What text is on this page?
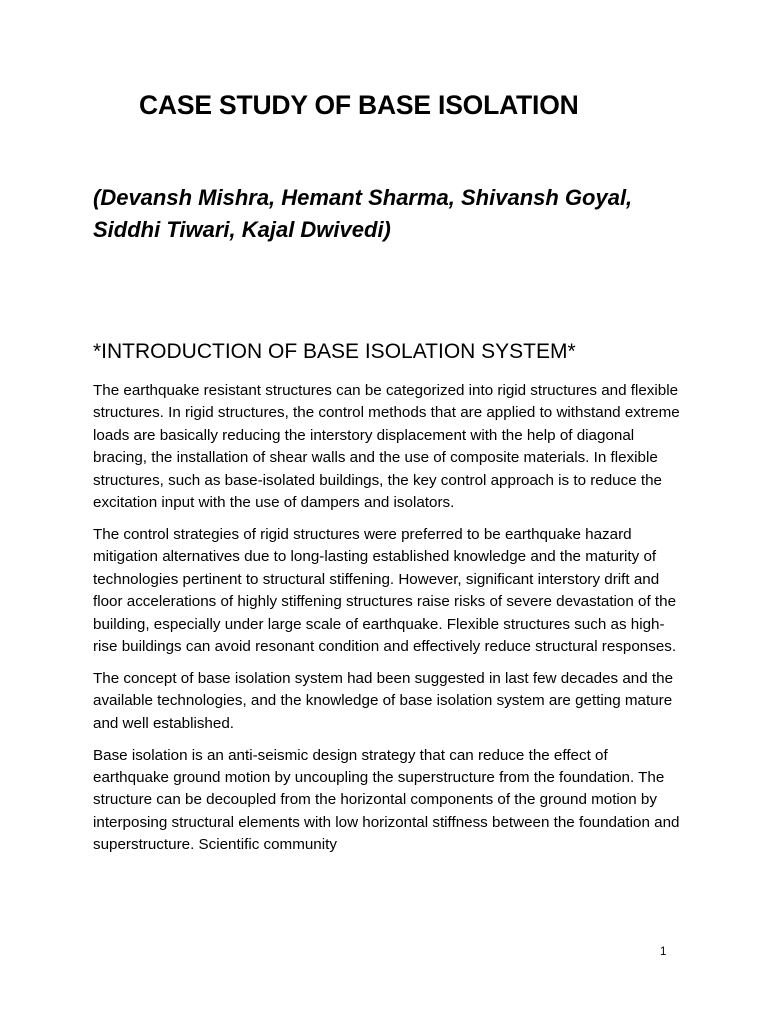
CASE STUDY OF BASE ISOLATION

(Devansh Mishra, Hemant Sharma, Shivansh Goyal, Siddhi Tiwari, Kajal Dwivedi)

*INTRODUCTION OF BASE ISOLATION SYSTEM*

The earthquake resistant structures can be categorized into rigid structures and flexible structures. In rigid structures, the control methods that are applied to withstand extreme loads are basically reducing the interstory displacement with the help of diagonal bracing, the installation of shear walls and the use of composite materials. In flexible structures, such as base-isolated buildings, the key control approach is to reduce the excitation input with the use of dampers and isolators.

The control strategies of rigid structures were preferred to be earthquake hazard mitigation alternatives due to long-lasting established knowledge and the maturity of technologies pertinent to structural stiffening. However, significant interstory drift and floor accelerations of highly stiffening structures raise risks of severe devastation of the building, especially under large scale of earthquake. Flexible structures such as high-rise buildings can avoid resonant condition and effectively reduce structural responses.

The concept of base isolation system had been suggested in last few decades and the available technologies, and the knowledge of base isolation system are getting mature and well established.

Base isolation is an anti-seismic design strategy that can reduce the effect of earthquake ground motion by uncoupling the superstructure from the foundation. The structure can be decoupled from the horizontal components of the ground motion by interposing structural elements with low horizontal stiffness between the foundation and superstructure. Scientific community

1
